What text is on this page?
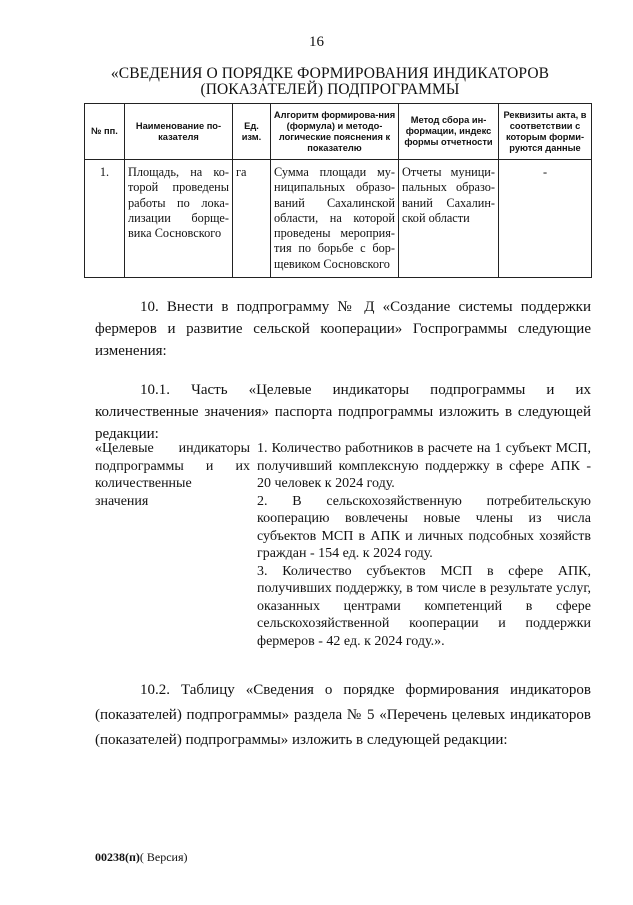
16
«СВЕДЕНИЯ О ПОРЯДКЕ ФОРМИРОВАНИЯ ИНДИКАТОРОВ
(ПОКАЗАТЕЛЕЙ) ПОДПРОГРАММЫ
№ пп.	Наименование по-казателя	Ед. изм.	Алгоритм формирова-ния (формула) и методо-логические пояснения к показателю	Метод сбора ин-формации, индекс формы отчетности	Реквизиты акта, в соответствии с которым форми-руются данные
1.	Площадь, на ко-торой проведены работы по лока-лизации борще-вика Сосновского	га	Сумма площади му-ниципальных образо-ваний Сахалинской области, на которой проведены мероприя-тия по борьбе с бор-щевиком Сосновского	Отчеты муници-пальных образо-ваний Сахалин-ской области	-
10. Внести в подпрограмму № Д «Создание системы поддержки фермеров и развитие сельской кооперации» Госпрограммы следующие изменения:
10.1. Часть «Целевые индикаторы подпрограммы и их количественные значения» паспорта подпрограммы изложить в следующей редакции:
«Целевые индикаторы
подпрограммы и их
количественные
значения

1. Количество работников в расчете на 1 субъект МСП, получивший комплексную поддержку в сфере АПК - 20 человек к 2024 году.

2. В сельскохозяйственную потребительскую кооперацию вовлечены новые члены из числа субъектов МСП в АПК и личных подсобных хозяйств граждан - 154 ед. к 2024 году.

3. Количество субъектов МСП в сфере АПК, получивших поддержку, в том числе в результате услуг, оказанных центрами компетенций в сфере сельскохозяйственной кооперации и поддержки фермеров - 42 ед. к 2024 году.».

10.2. Таблицу «Сведения о порядке формирования индикаторов (показателей) подпрограммы» раздела № 5 «Перечень целевых индикаторов (показателей) подпрограммы» изложить в следующей редакции:
00238(п)( Версия)
